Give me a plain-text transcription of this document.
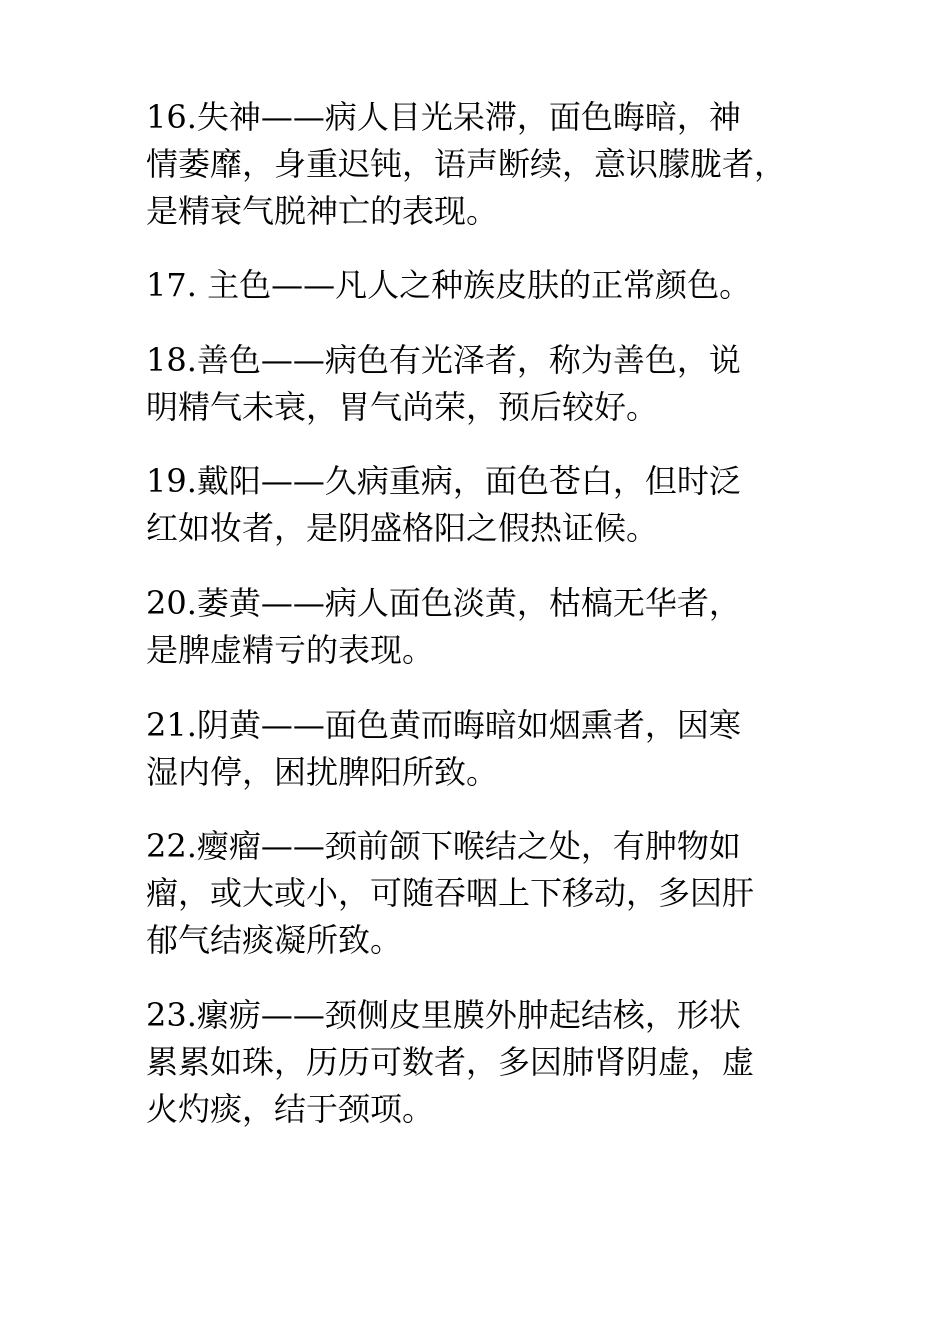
16.失神——病人目光呆滞，面色晦暗，神
情萎靡，身重迟钝，语声断续，意识朦胧者，
是精衰气脱神亡的表现。

17. 主色——凡人之种族皮肤的正常颜色。

18.善色——病色有光泽者，称为善色，说
明精气未衰，胃气尚荣，预后较好。

19.戴阳——久病重病，面色苍白，但时泛
红如妆者，是阴盛格阳之假热证候。

20.萎黄——病人面色淡黄，枯槁无华者，
是脾虚精亏的表现。

21.阴黄——面色黄而晦暗如烟熏者，因寒
湿内停，困扰脾阳所致。

22.瘿瘤——颈前颌下喉结之处，有肿物如
瘤，或大或小，可随吞咽上下移动，多因肝
郁气结痰凝所致。

23.瘰疬——颈侧皮里膜外肿起结核，形状
累累如珠，历历可数者，多因肺肾阴虚，虚
火灼痰，结于颈项。
